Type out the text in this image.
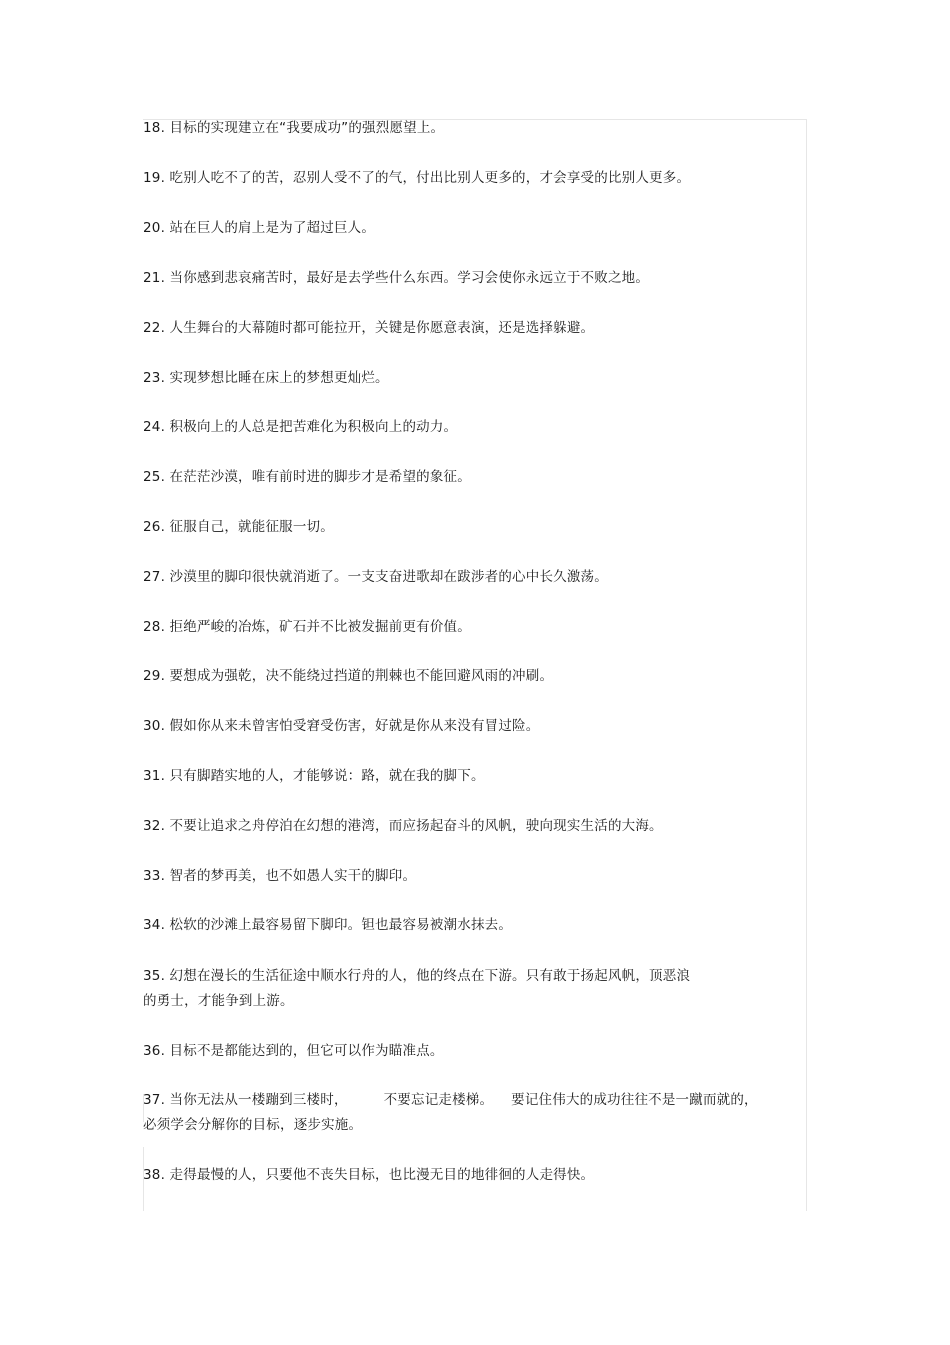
18. 目标的实现建立在“我要成功”的强烈愿望上。
19. 吃别人吃不了的苦，忍别人受不了的气，付出比别人更多的，才会享受的比别人更多。
20. 站在巨人的肩上是为了超过巨人。
21. 当你感到悲哀痛苦时，最好是去学些什么东西。学习会使你永远立于不败之地。
22. 人生舞台的大幕随时都可能拉开，关键是你愿意表演，还是选择躲避。
23. 实现梦想比睡在床上的梦想更灿烂。
24. 积极向上的人总是把苦难化为积极向上的动力。
25. 在茫茫沙漠，唯有前时进的脚步才是希望的象征。
26. 征服自己，就能征服一切。
27. 沙漠里的脚印很快就消逝了。一支支奋进歌却在跋涉者的心中长久激荡。
28. 拒绝严峻的冶炼，矿石并不比被发掘前更有价值。
29. 要想成为强乾，决不能绕过挡道的荆棘也不能回避风雨的冲刷。
30. 假如你从来未曾害怕受窘受伤害，好就是你从来没有冒过险。
31. 只有脚踏实地的人，才能够说：路，就在我的脚下。
32. 不要让追求之舟停泊在幻想的港湾，而应扬起奋斗的风帆，驶向现实生活的大海。
33. 智者的梦再美，也不如愚人实干的脚印。
34. 松软的沙滩上最容易留下脚印。钽也最容易被潮水抹去。
35. 幻想在漫长的生活征途中顺水行舟的人，他的终点在下游。只有敢于扬起风帆，顶恶浪
的勇士，才能争到上游。
36. 目标不是都能达到的，但它可以作为瞄准点。
37. 当你无法从一楼蹦到三楼时，        不要忘记走楼梯。    要记住伟大的成功往往不是一蹴而就的，
必须学会分解你的目标，逐步实施。
38. 走得最慢的人，只要他不丧失目标，也比漫无目的地徘徊的人走得快。
